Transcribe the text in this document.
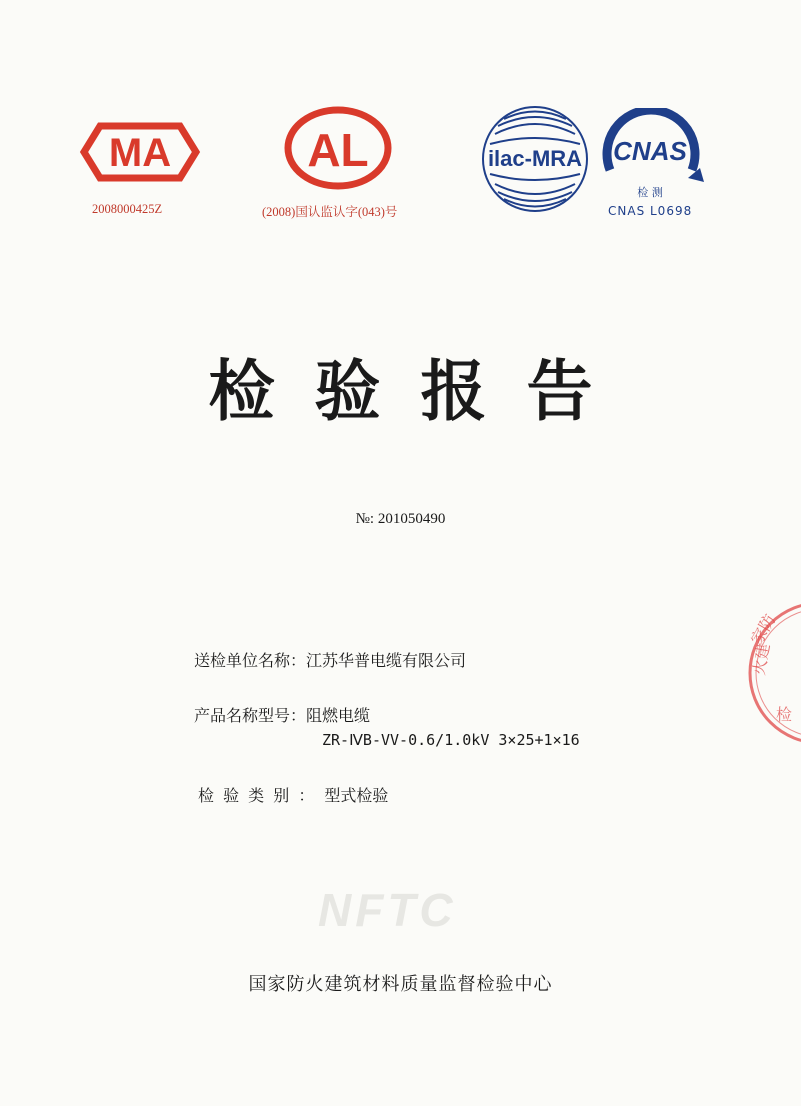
MA
2008000425Z
AL
(2008)国认监认字(043)号
ilac-MRA CNAS
检 测
CNAS L0698
检验报告
№: 201050490
送检单位名称：江苏华普电缆有限公司
产品名称型号：阻燃电缆
ZR-ⅣB-VV-0.6/1.0kV 3×25+1×16
检 验 类 别 ： 型式检验
NFTC
国家防火建筑材料质量监督检验中心
家防
火建
检
